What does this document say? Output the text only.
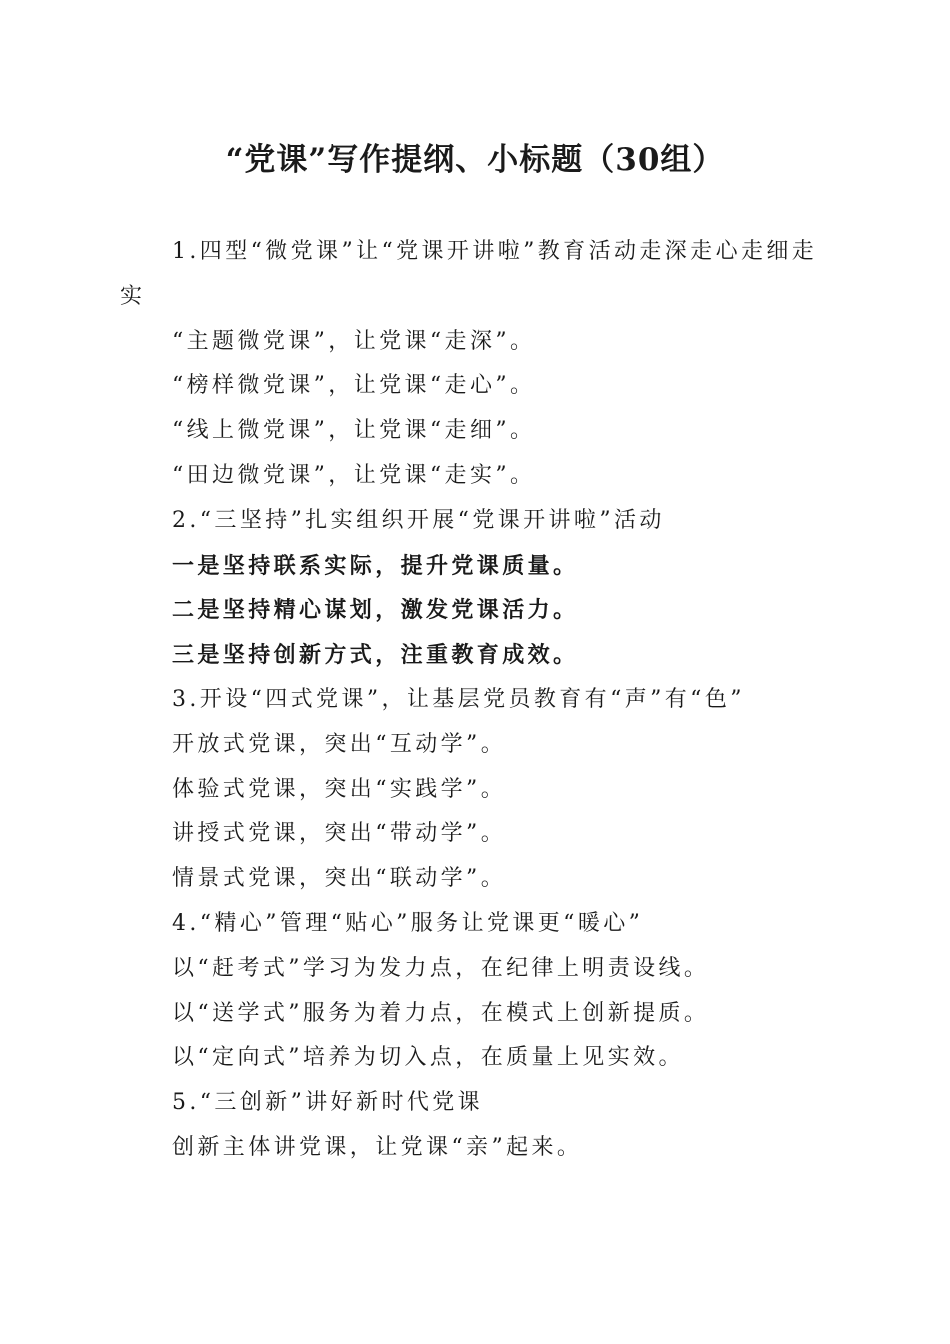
“党课”写作提纲、小标题（30组）

1.四型“微党课”让“党课开讲啦”教育活动走深走心走细走实

“主题微党课”，让党课“走深”。

“榜样微党课”，让党课“走心”。

“线上微党课”，让党课“走细”。

“田边微党课”，让党课“走实”。

2.“三坚持”扎实组织开展“党课开讲啦”活动

一是坚持联系实际，提升党课质量。

二是坚持精心谋划，激发党课活力。

三是坚持创新方式，注重教育成效。

3.开设“四式党课”，让基层党员教育有“声”有“色”

开放式党课，突出“互动学”。

体验式党课，突出“实践学”。

讲授式党课，突出“带动学”。

情景式党课，突出“联动学”。

4.“精心”管理“贴心”服务让党课更“暖心”

以“赶考式”学习为发力点，在纪律上明责设线。

以“送学式”服务为着力点，在模式上创新提质。

以“定向式”培养为切入点，在质量上见实效。

5.“三创新”讲好新时代党课

创新主体讲党课，让党课“亲”起来。
